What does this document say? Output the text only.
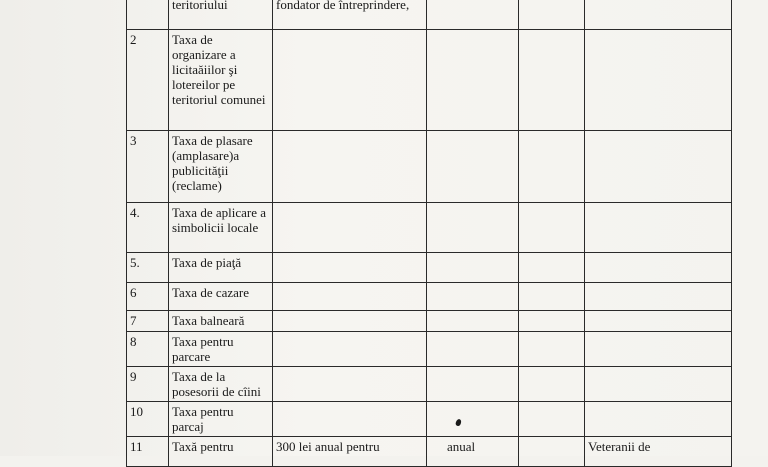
	teritoriului	fondator de întreprindere,			
2	Taxa de organizare a licitaăiilor şi lotereilor pe teritoriul comunei				
3	Taxa de plasare (amplasare)a publicităţii (reclame)				
4.	Taxa de aplicare a simbolicii locale				
5.	Taxa de piaţă				
6	Taxa de cazare				
7	Taxa balneară				
8	Taxa pentru parcare				
9	Taxa de la posesorii de cîini				
10	Taxa pentru parcaj				
11	Taxă pentru	300 lei anual pentru	anual		Veteranii de
